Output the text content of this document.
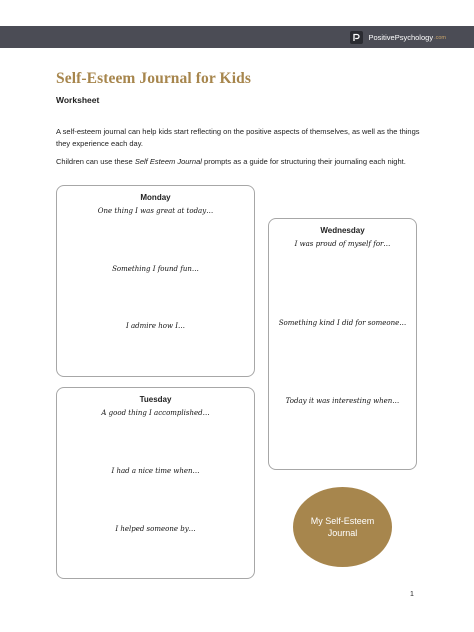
PositivePsychology .com
Self-Esteem Journal for Kids
Worksheet

A self-esteem journal can help kids start reflecting on the positive aspects of themselves, as well as the things they experience each day.

Children can use these Self Esteem Journal prompts as a guide for structuring their journaling each night.

Monday
One thing I was great at today…
Something I found fun…
I admire how I…
Tuesday
A good thing I accomplished…
I had a nice time when…
I helped someone by…
Wednesday
I was proud of myself for…
Something kind I did for someone…
Today it was interesting when…
My Self-Esteem
Journal
1
